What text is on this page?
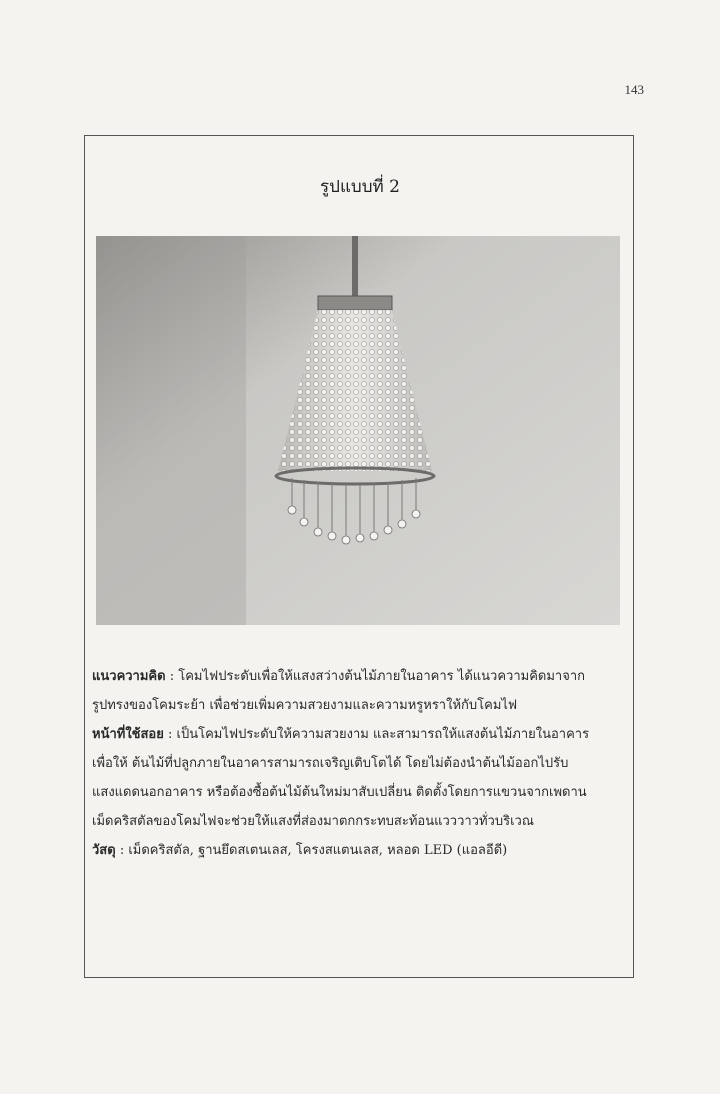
143
รูปแบบที่ 2

แนวความคิด : โคมไฟประดับเพื่อให้แสงสว่างต้นไม้ภายในอาคาร ได้แนวความคิดมาจาก

รูปทรงของโคมระย้า เพื่อช่วยเพิ่มความสวยงามและความหรูหราให้กับโคมไฟ

หน้าที่ใช้สอย : เป็นโคมไฟประดับให้ความสวยงาม และสามารถให้แสงต้นไม้ภายในอาคาร

เพื่อให้ ต้นไม้ที่ปลูกภายในอาคารสามารถเจริญเติบโตได้ โดยไม่ต้องนำต้นไม้ออกไปรับ

แสงแดดนอกอาคาร หรือต้องซื้อต้นไม้ต้นใหม่มาสับเปลี่ยน ติดตั้งโดยการแขวนจากเพดาน

เม็ดคริสตัลของโคมไฟจะช่วยให้แสงที่ส่องมาตกกระทบสะท้อนแวววาวทั่วบริเวณ

วัสดุ : เม็ดคริสตัล, ฐานยึดสเตนเลส, โครงสแตนเลส, หลอด LED (แอลอีดี)
